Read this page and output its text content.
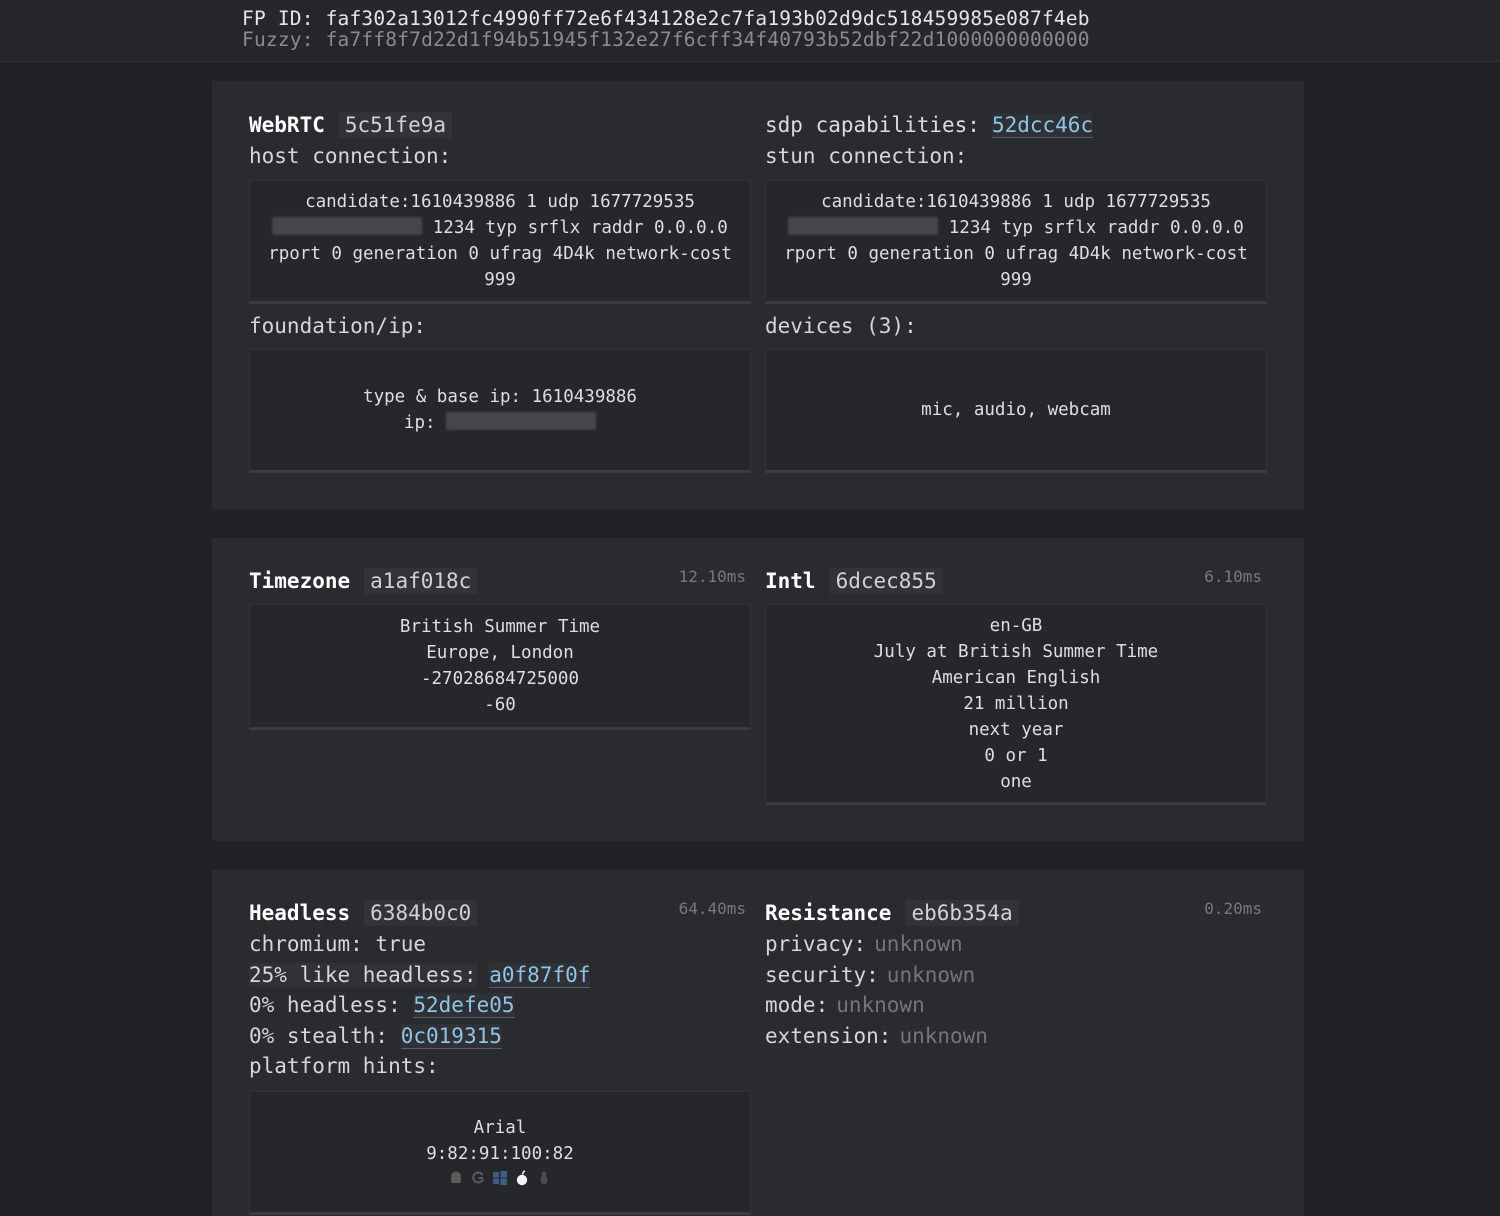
FP ID: faf302a13012fc4990ff72e6f434128e2c7fa193b02d9dc518459985e087f4eb
Fuzzy: fa7ff8f7d22d1f94b51945f132e27f6cff34f40793b52dbf22d1000000000000
WebRTC 5c51fe9a
host connection:
candidate:1610439886 1 udp 1677729535
1234 typ srflx raddr 0.0.0.0
rport 0 generation 0 ufrag 4D4k network-cost
999
foundation/ip:
type & base ip: 1610439886
ip:
sdp capabilities: 52dcc46c
stun connection:
candidate:1610439886 1 udp 1677729535
1234 typ srflx raddr 0.0.0.0
rport 0 generation 0 ufrag 4D4k network-cost
999
devices (3):
mic, audio, webcam
Timezone a1af018c	12.10ms
British Summer Time
Europe, London
-27028684725000
-60
Intl 6dcec855	6.10ms
en-GB
July at British Summer Time
American English
21 million
next year
0 or 1
one
Headless 6384b0c0	64.40ms
chromium: true
25% like headless: a0f87f0f
0% headless: 52defe05
0% stealth: 0c019315
platform hints:
Arial
9:82:91:100:82
Resistance eb6b354a	0.20ms
privacy: unknown
security: unknown
mode: unknown
extension: unknown
